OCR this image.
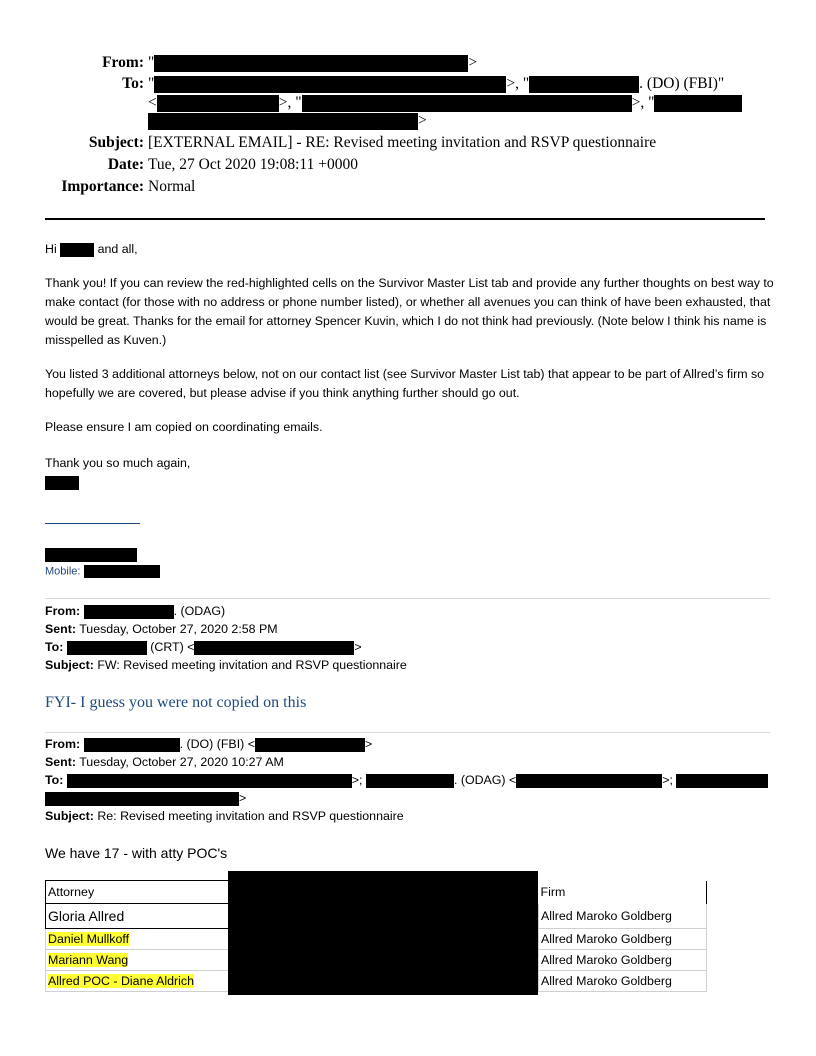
From: "	>
To: "	>, "	. (DO) (FBI)"
<	>, "	>, "
>
Subject: [EXTERNAL EMAIL] - RE: Revised meeting invitation and RSVP questionnaire
Date: Tue, 27 Oct 2020 19:08:11 +0000
Importance: Normal
Hi	and all,
Thank you! If you can review the red-highlighted cells on the Survivor Master List tab and provide any further thoughts on best way to make contact (for those with no address or phone number listed), or whether all avenues you can think of have been exhausted, that would be great. Thanks for the email for attorney Spencer Kuvin, which I do not think had previously. (Note below I think his name is misspelled as Kuven.)
You listed 3 additional attorneys below, not on our contact list (see Survivor Master List tab) that appear to be part of Allred’s firm so hopefully we are covered, but please advise if you think anything further should go out.
Please ensure I am copied on coordinating emails.
Thank you so much again,
Mobile:
From:	. (ODAG)
Sent: Tuesday, October 27, 2020 2:58 PM
To:	(CRT) <	>
Subject: FW: Revised meeting invitation and RSVP questionnaire
FYI- I guess you were not copied on this
From:	. (DO) (FBI) <	>
Sent: Tuesday, October 27, 2020 10:27 AM
To:	>;	. (ODAG) <	>;
>
Subject: Re: Revised meeting invitation and RSVP questionnaire
We have 17 - with atty POC's
Attorney		Firm
Gloria Allred		Allred Maroko Goldberg
Daniel Mullkoff		Allred Maroko Goldberg
Mariann Wang		Allred Maroko Goldberg
Allred POC - Diane Aldrich		Allred Maroko Goldberg
